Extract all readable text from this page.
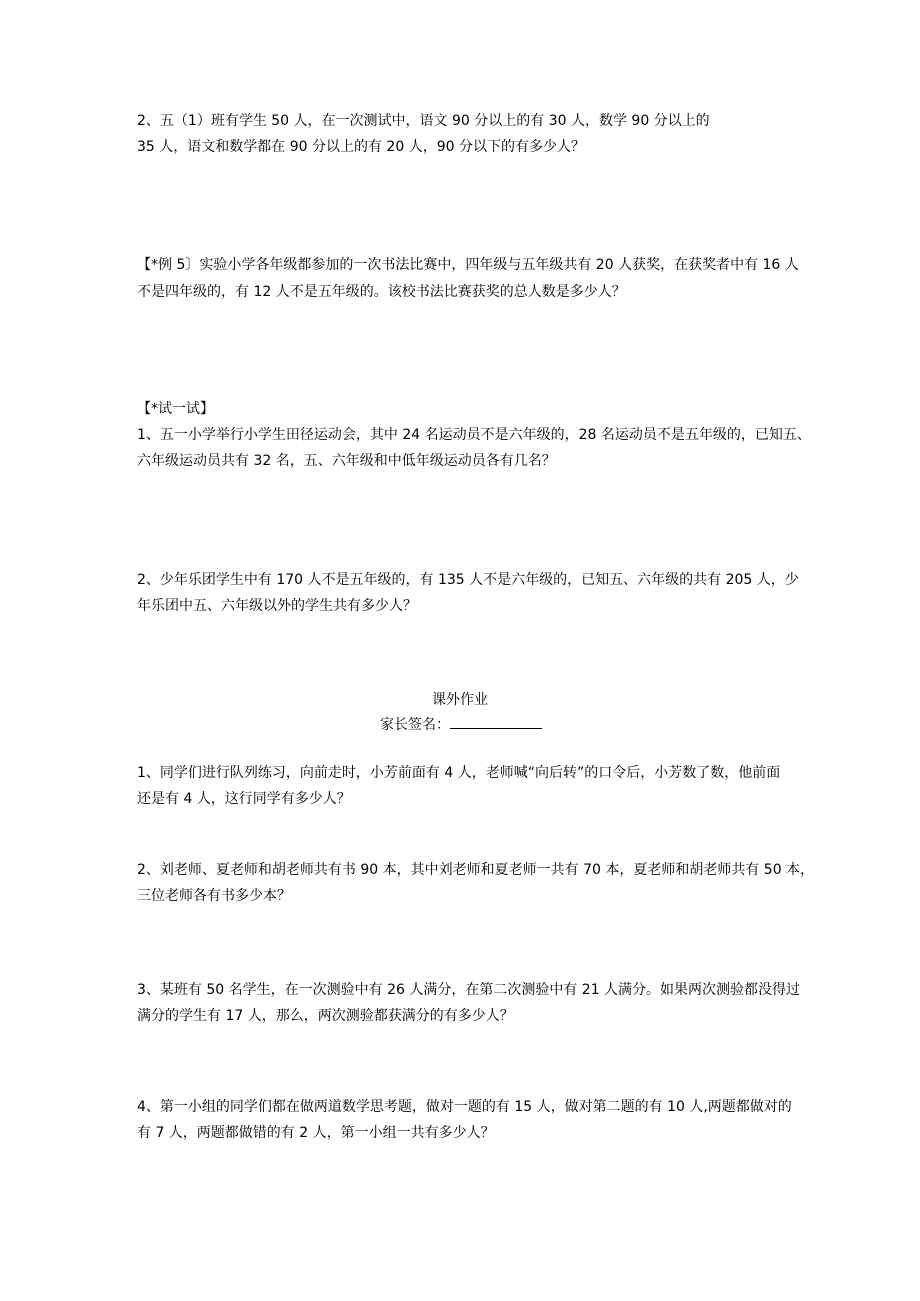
2、五（1）班有学生 50 人，在一次测试中，语文 90 分以上的有 30 人，数学 90 分以上的
35 人，语文和数学都在 90 分以上的有 20 人，90 分以下的有多少人？
【*例 5〕实验小学各年级都参加的一次书法比赛中，四年级与五年级共有 20 人获奖，在获奖者中有 16 人
不是四年级的，有 12 人不是五年级的。该校书法比赛获奖的总人数是多少人？
【*试一试】
1、五一小学举行小学生田径运动会，其中 24 名运动员不是六年级的，28 名运动员不是五年级的，已知五、
六年级运动员共有 32 名，五、六年级和中低年级运动员各有几名？
2、少年乐团学生中有 170 人不是五年级的，有 135 人不是六年级的，已知五、六年级的共有 205 人，少
年乐团中五、六年级以外的学生共有多少人？
课外作业
家长签名：
1、同学们进行队列练习，向前走时，小芳前面有 4 人，老师喊“向后转”的口令后，小芳数了数，他前面
还是有 4 人，这行同学有多少人？
2、刘老师、夏老师和胡老师共有书 90 本，其中刘老师和夏老师一共有 70 本，夏老师和胡老师共有 50 本，
三位老师各有书多少本？
3、某班有 50 名学生，在一次测验中有 26 人满分，在第二次测验中有 21 人满分。如果两次测验都没得过
满分的学生有 17 人，那么，两次测验都获满分的有多少人？
4、第一小组的同学们都在做两道数学思考题，做对一题的有 15 人，做对第二题的有 10 人,两题都做对的
有 7 人，两题都做错的有 2 人，第一小组一共有多少人？
